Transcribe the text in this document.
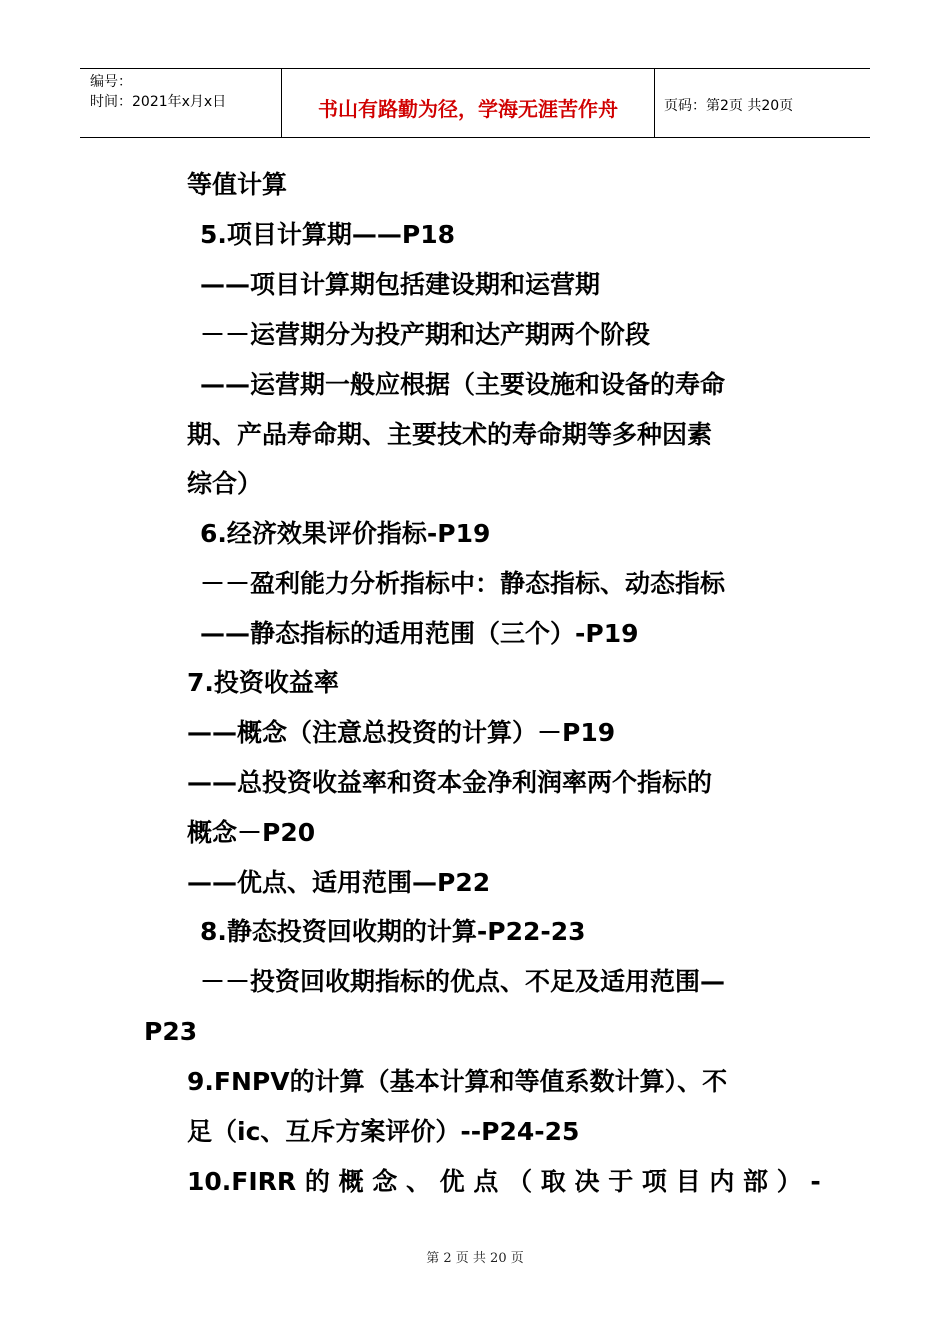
编号：
时间：2021年x月x日	书山有路勤为径，学海无涯苦作舟	页码：第2页 共20页
等值计算
5.项目计算期——P18
——项目计算期包括建设期和运营期
－－运营期分为投产期和达产期两个阶段
——运营期一般应根据（主要设施和设备的寿命
期、产品寿命期、主要技术的寿命期等多种因素
综合）
6.经济效果评价指标-P19
－－盈利能力分析指标中：静态指标、动态指标
——静态指标的适用范围（三个）-P19
7.投资收益率
——概念（注意总投资的计算）－P19
——总投资收益率和资本金净利润率两个指标的
概念－P20
——优点、适用范围—P22
8.静态投资回收期的计算-P22-23
－－投资回收期指标的优点、不足及适用范围—
P23
9.FNPV的计算（基本计算和等值系数计算）、不
足（ic、互斥方案评价）--P24-25
10.FIRR 的 概 念 、 优 点 （ 取 决 于 项 目 内 部 ） -
第 2 页 共 20 页
